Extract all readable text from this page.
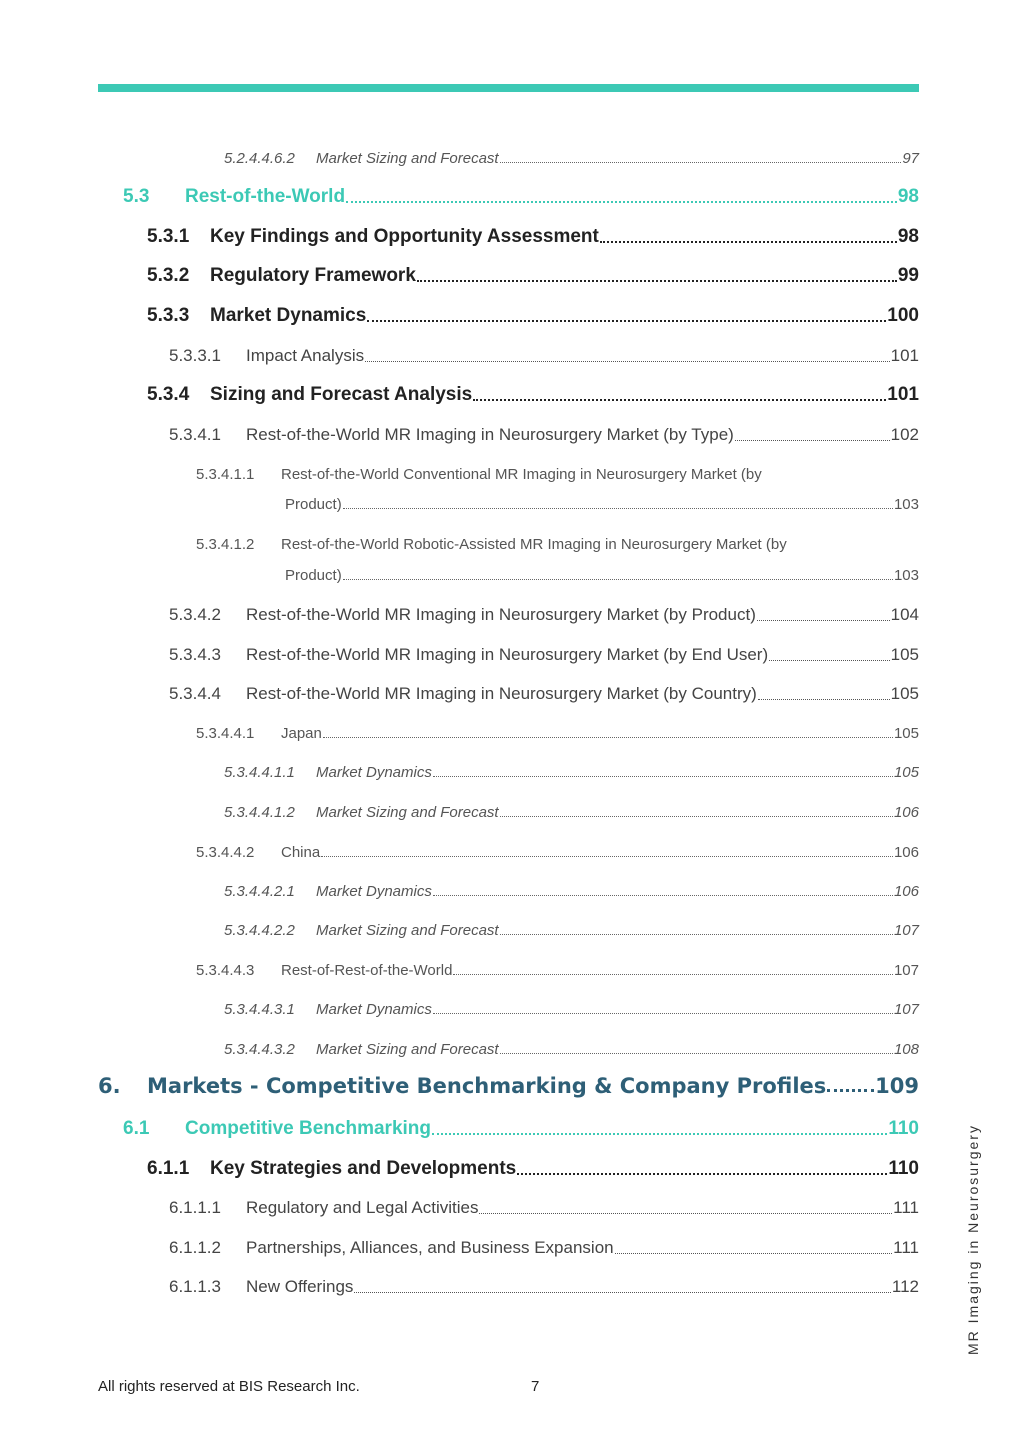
5.2.4.4.6.2	Market Sizing and Forecast	97
5.3	Rest-of-the-World	98
5.3.1	Key Findings and Opportunity Assessment	98
5.3.2	Regulatory Framework	99
5.3.3	Market Dynamics	100
5.3.3.1	Impact Analysis	101
5.3.4	Sizing and Forecast Analysis	101
5.3.4.1	Rest-of-the-World MR Imaging in Neurosurgery Market (by Type)	102
5.3.4.1.1 Rest-of-the-World Conventional MR Imaging in Neurosurgery Market (by
Product)	103
5.3.4.1.2 Rest-of-the-World Robotic-Assisted MR Imaging in Neurosurgery Market (by
Product)	103
5.3.4.2	Rest-of-the-World MR Imaging in Neurosurgery Market (by Product)	104
5.3.4.3	Rest-of-the-World MR Imaging in Neurosurgery Market (by End User)	105
5.3.4.4	Rest-of-the-World MR Imaging in Neurosurgery Market (by Country)	105
5.3.4.4.1	Japan	105
5.3.4.4.1.1	Market Dynamics	105
5.3.4.4.1.2	Market Sizing and Forecast	106
5.3.4.4.2	China	106
5.3.4.4.2.1	Market Dynamics	106
5.3.4.4.2.2	Market Sizing and Forecast	107
5.3.4.4.3	Rest-of-Rest-of-the-World	107
5.3.4.4.3.1	Market Dynamics	107
5.3.4.4.3.2	Market Sizing and Forecast	108
6.	Markets - Competitive Benchmarking & Company Profiles 109
6.1	Competitive Benchmarking	110
6.1.1	Key Strategies and Developments	110
6.1.1.1	Regulatory and Legal Activities	111
6.1.1.2	Partnerships, Alliances, and Business Expansion	111
6.1.1.3	New Offerings	112	MR Imaging in Neurosurgery
All rights reserved at BIS Research Inc.	7
